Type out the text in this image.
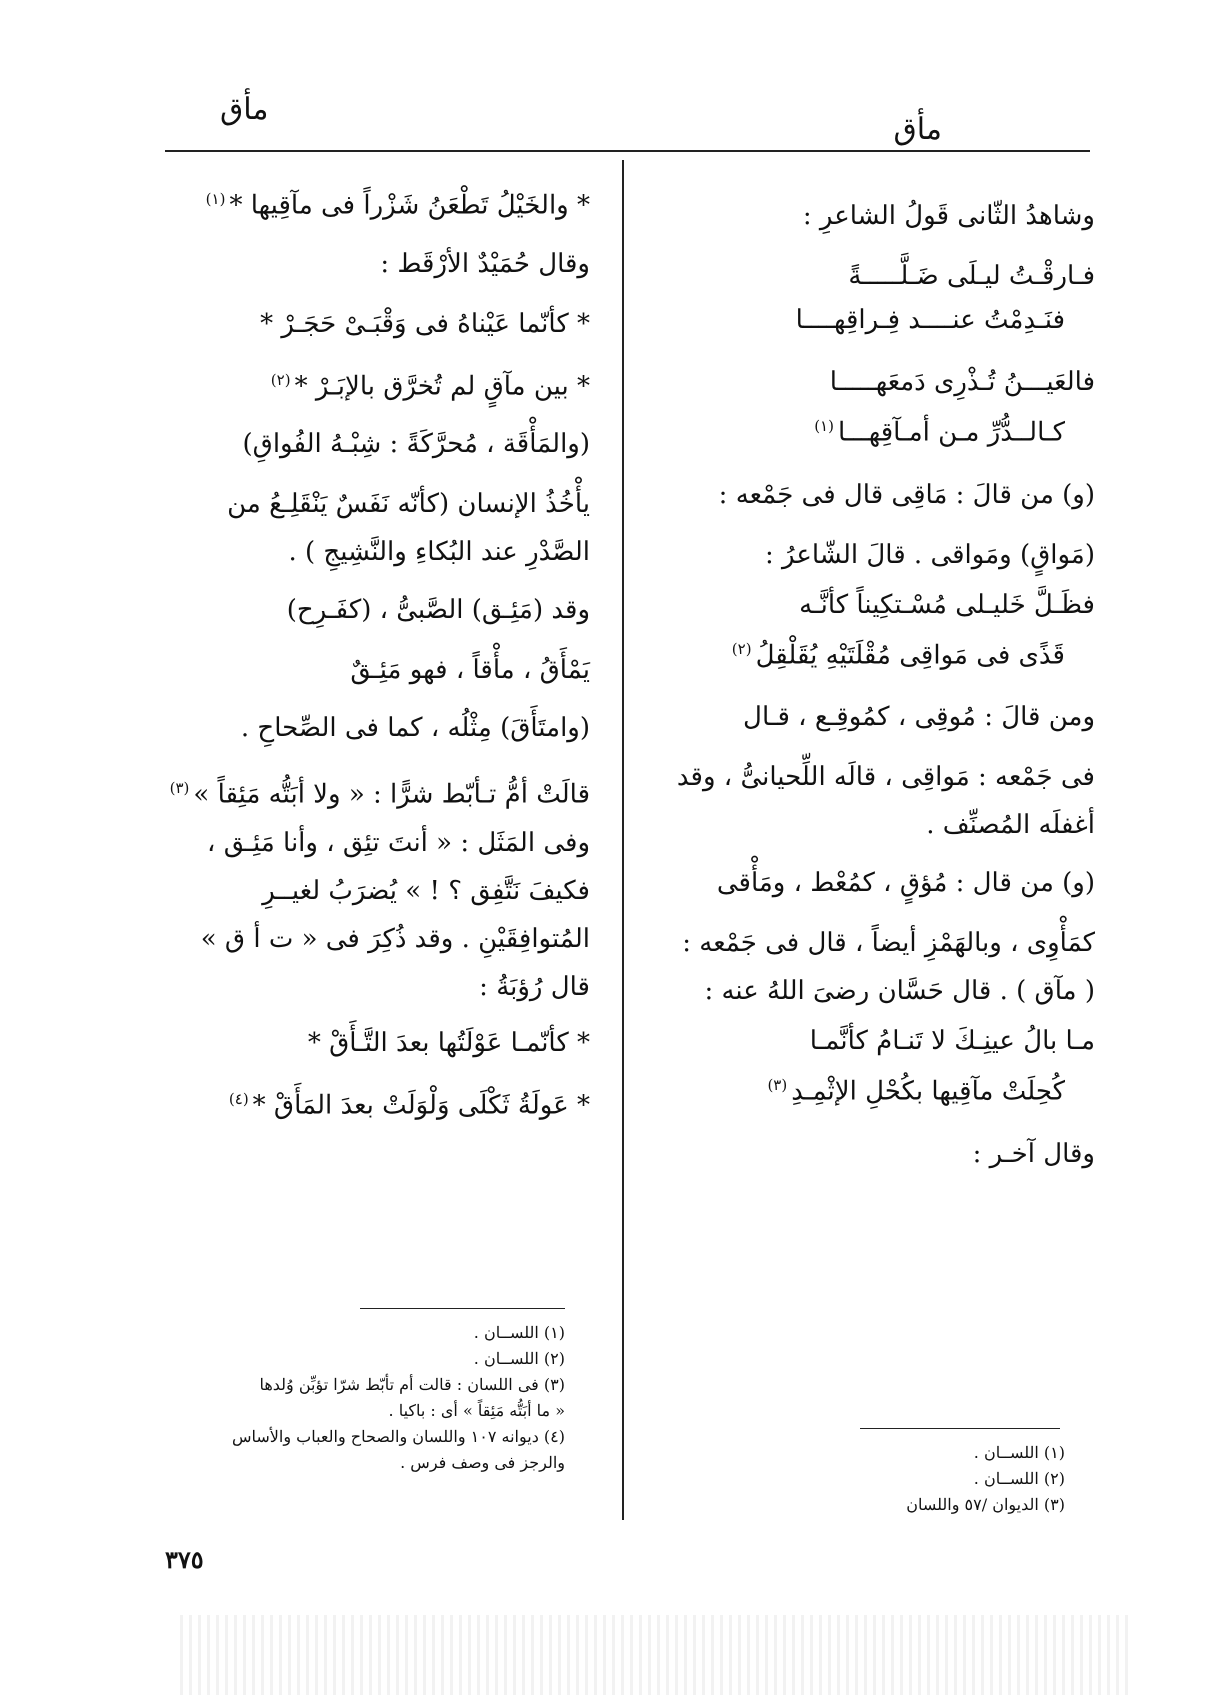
مأق
مأق

وشاهدُ الثّانى قَولُ الشاعرِ :

فـارقْـتُ ليـلَى ضَـلَّـــــةً

فنَـدِمْتُ عنــــد فِـراقِهــــا

فالعَيـــنُ تُـذْرِى دَمعَهـــــا

كـالــدُّرِّ مـن أمـآقِهـــا$^{(١)}$

(و) من قالَ : مَاقِى قال فى جَمْعه :

(مَواقٍ) ومَواقى . قالَ الشّاعرُ :

فظَـلَّ خَليـلى مُسْـتكِيناً كأنَّـه

قَذًى فى مَواقِى مُقْلَتَيْهِ يُقَلْقِلُ$^{(٢)}$

ومن قالَ : مُوقِى ، كمُوقِـع ، قـال

فى جَمْعه : مَواقِى ، قالَه اللِّحيانىُّ ، وقد

أغفلَه المُصنِّف .

(و) من قال : مُؤقٍ ، كمُعْط ، ومَأْقى

كمَأْوِى ، وبالهَمْزِ أيضاً ، قال فى جَمْعه :

( مآق ) . قال حَسَّان رضىَ اللهُ عنه :

مـا بالُ عينِـكَ لا تَنـامُ كأنَّمـا

كُحِلَتْ مآقِيها بكُحْلِ الإثْمِـدِ$^{(٣)}$

وقال آخـر :

* والخَيْلُ تَطْعَنُ شَزْراً فى مآقِيها *$^{(١)}$

وقال حُمَيْدٌ الأرْقَط :

* كأنّما عَيْناهُ فى وَقْبَـىْ حَجَـرْ *

* بين مآقٍ لم تُخرَّق بالإبَـرْ *$^{(٢)}$

(والمَأْقَة ، مُحرَّكَةً : شِبْـهُ الفُواقِ)

يأْخُذُ الإنسان (كأنّه نَفَسٌ يَنْقَلِـعُ من

الصَّدْرِ عند البُكاءِ والنَّشِيجِ ) .

وقد (مَئِـق) الصَّبىُّ ، (كفَـرِح)

يَمْأَقُ ، مأْقاً ، فهو مَئِـقٌ

(وامتَأَقَ) مِثْلُه ، كما فى الصِّحاحِ .

قالَتْ أمُّ تـأبّط شرًّا : « ولا أبَتُّه مَئِقاً »$^{(٣)}$

وفى المَثَل : « أنتَ تئِق ، وأنا مَئِـق ،

فكيفَ نَتَّفِق ؟ ! » يُضرَبُ لغيــرِ

المُتوافِقَيْنِ . وقد ذُكِرَ فى « ت أ ق »

قال رُؤبَةُ :

* كأنّمـا عَوْلَتُها بعدَ التَّـأَقْ *

* عَولَةُ ثَكْلَى وَلْوَلَتْ بعدَ المَأَقْ *$^{(٤)}$

(١) اللســان .

(٢) اللســان .

(٣) فى اللسان : قالت أم تأبّط شرّا تؤبِّن وُلدها

« ما أبَتُّه مَئِقاً » أى : باكيا .

(٤) ديوانه ١٠٧ واللسان والصحاح والعباب والأساس

والرجز فى وصف فرس .

٣٧٥

(١) اللســان .

(٢) اللســان .

(٣) الديوان /٥٧ واللسان
